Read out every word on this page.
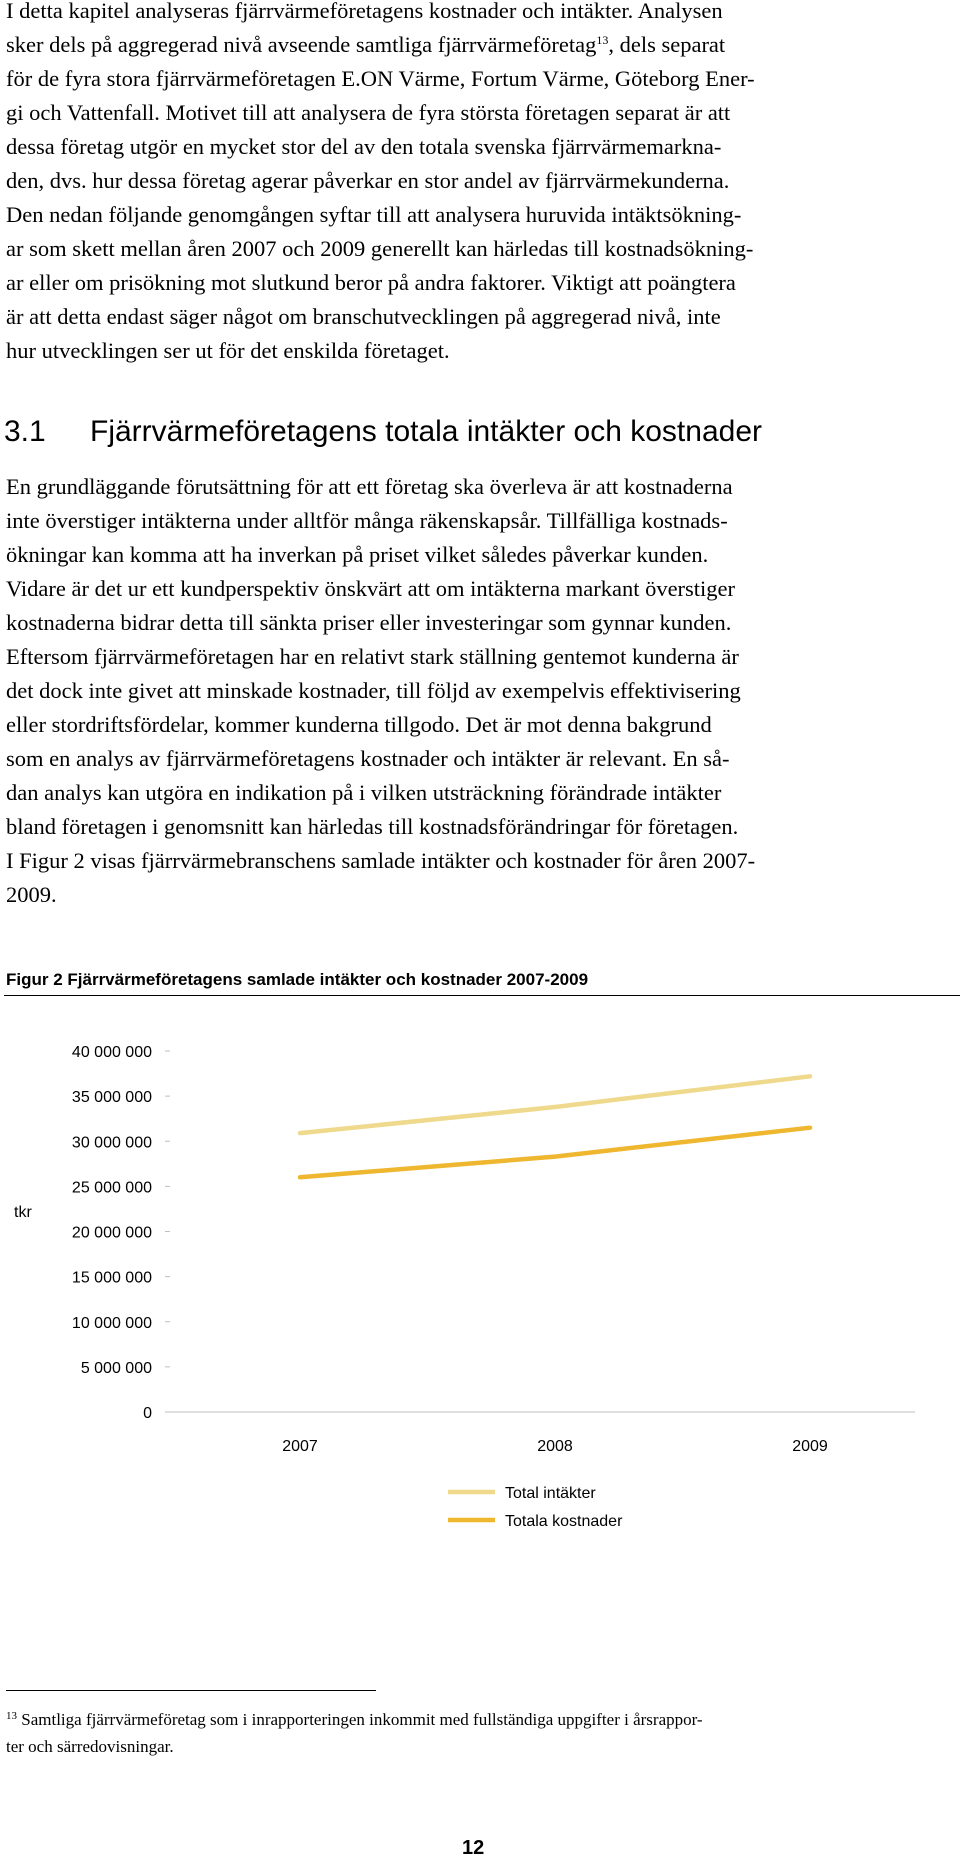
I detta kapitel analyseras fjärrvärmeföretagens kostnader och intäkter. Analysen
sker dels på aggregerad nivå avseende samtliga fjärrvärmeföretag$^{13}$, dels separat
för de fyra stora fjärrvärmeföretagen E.ON Värme, Fortum Värme, Göteborg Ener-
gi och Vattenfall. Motivet till att analysera de fyra största företagen separat är att
dessa företag utgör en mycket stor del av den totala svenska fjärrvärmemarkna-
den, dvs. hur dessa företag agerar påverkar en stor andel av fjärrvärmekunderna.
Den nedan följande genomgången syftar till att analysera huruvida intäktsökning-
ar som skett mellan åren 2007 och 2009 generellt kan härledas till kostnadsökning-
ar eller om prisökning mot slutkund beror på andra faktorer. Viktigt att poängtera
är att detta endast säger något om branschutvecklingen på aggregerad nivå, inte
hur utvecklingen ser ut för det enskilda företaget.

3.1 Fjärrvärmeföretagens totala intäkter och kostnader

En grundläggande förutsättning för att ett företag ska överleva är att kostnaderna
inte överstiger intäkterna under alltför många räkenskapsår. Tillfälliga kostnads-
ökningar kan komma att ha inverkan på priset vilket således påverkar kunden.
Vidare är det ur ett kundperspektiv önskvärt att om intäkterna markant överstiger
kostnaderna bidrar detta till sänkta priser eller investeringar som gynnar kunden.
Eftersom fjärrvärmeföretagen har en relativt stark ställning gentemot kunderna är
det dock inte givet att minskade kostnader, till följd av exempelvis effektivisering
eller stordriftsfördelar, kommer kunderna tillgodo. Det är mot denna bakgrund
som en analys av fjärrvärmeföretagens kostnader och intäkter är relevant. En så-
dan analys kan utgöra en indikation på i vilken utsträckning förändrade intäkter
bland företagen i genomsnitt kan härledas till kostnadsförändringar för företagen.
I Figur 2 visas fjärrvärmebranschens samlade intäkter och kostnader för åren 2007-
2009.

Figur 2 Fjärrvärmeföretagens samlade intäkter och kostnader 2007-2009
0
5 000 000
10 000 000
15 000 000
20 000 000
25 000 000
30 000 000
35 000 000
40 000 000
tkr
2007	2008	2009
Total intäkter
Totala kostnader

$^{13}$ Samtliga fjärrvärmeföretag som i inrapporteringen inkommit med fullständiga uppgifter i årsrappor-
ter och särredovisningar.

12
